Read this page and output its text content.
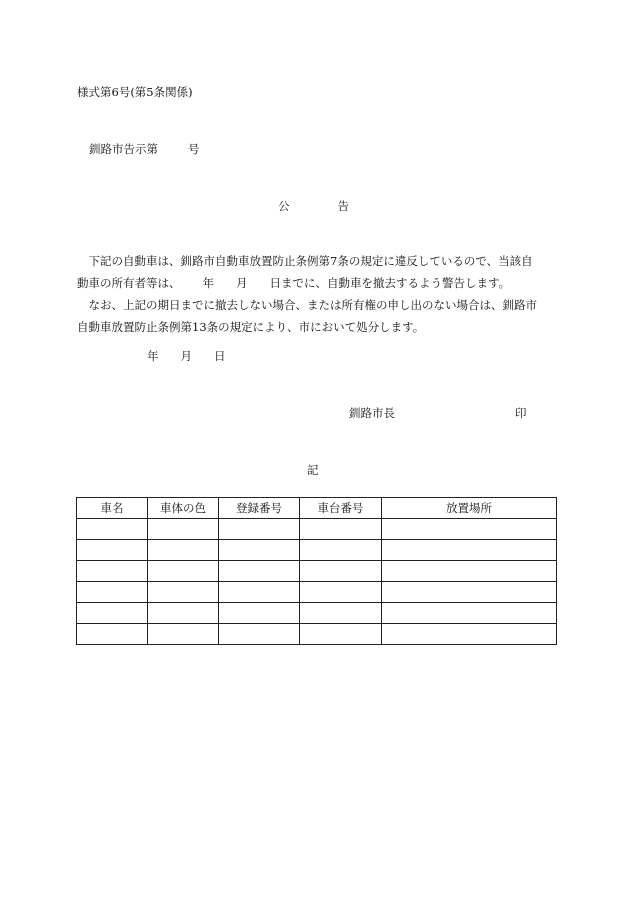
様式第6号(第5条関係)
釧路市告示第	号
公	告
　下記の自動車は、釧路市自動車放置防止条例第7条の規定に違反しているので、当該自
動車の所有者等は、 年 月 日までに、自動車を撤去するよう警告します。
　なお、上記の期日までに撤去しない場合、または所有権の申し出のない場合は、釧路市
自動車放置防止条例第13条の規定により、市において処分します。
年 月 日
釧路市長	印
記
車名	車体の色	登録番号	車台番号	放置場所
